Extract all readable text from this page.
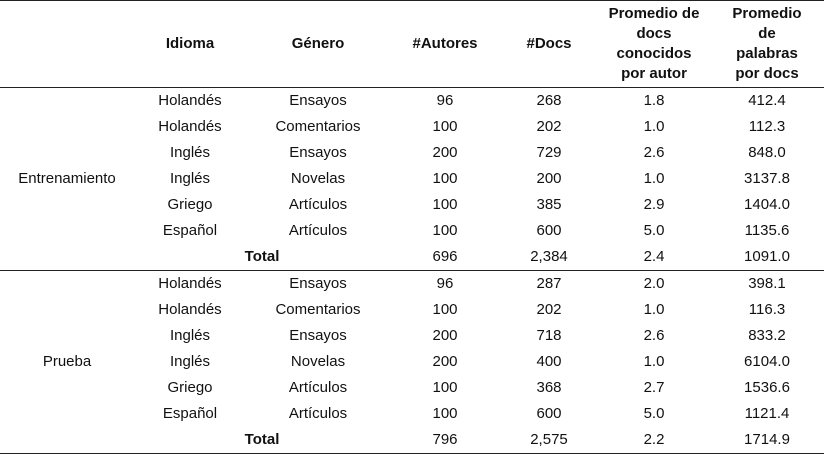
	Idioma	Género	#Autores	#Docs	Promedio de docs conocidos por autor	Promedio de palabras por docs

Entrenamiento	Holandés	Ensayos	96	268	1.8	412.4
	Holandés	Comentarios	100	202	1.0	112.3
	Inglés	Ensayos	200	729	2.6	848.0
	Inglés	Novelas	100	200	1.0	3137.8
	Griego	Artículos	100	385	2.9	1404.0
	Español	Artículos	100	600	5.0	1135.6
	Total		696	2,384	2.4	1091.0
Prueba	Holandés	Ensayos	96	287	2.0	398.1
	Holandés	Comentarios	100	202	1.0	116.3
	Inglés	Ensayos	200	718	2.6	833.2
	Inglés	Novelas	200	400	1.0	6104.0
	Griego	Artículos	100	368	2.7	1536.6
	Español	Artículos	100	600	5.0	1121.4
	Total		796	2,575	2.2	1714.9
